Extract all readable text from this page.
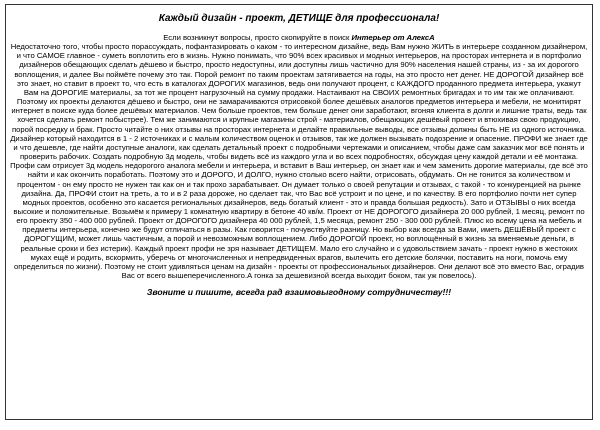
Каждый дизайн - проект, ДЕТИЩЕ для профессионала!

Если возникнут вопросы, просто скопируйте в поиск Интерьер от АлексА

Недостаточно того, чтобы просто порассуждать, пофантазировать о каком - то интересном дизайне, ведь Вам нужно ЖИТЬ в интерьере созданном дизайнером, и что САМОЕ главное - суметь воплотить его в жизнь. Нужно понимать, что 90% всех красивых и модных интерьеров, на просторах интернета и в портфолио дизайнеров обещающих сделать дёшево и быстро, просто недоступны, или доступны лишь частично для 90% населения нашей страны, из - за их дорогого воплощения, и далее Вы поймёте почему это так. Порой ремонт по таким проектам затягивается на годы, на это просто нет денег. НЕ ДОРОГОЙ дизайнер всё это знает, но ставит в проект то, что есть в каталогах ДОРОГИХ магазинов, ведь они получают процент, с КАЖДОГО проданного предмета интерьера, укажут Вам на ДОРОГИЕ материалы, за тот же процент нагрузочный на сумму продажи. Настаивают на СВОИХ ремонтных бригадах и то им так же оплачивают. Поэтому их проекты делаются дёшево и быстро, они не замарачиваются отрисовкой более дешёвых аналогов предметов интерьера и мебели, не монитирят интернет в поиске куда более дешёвых материалов. Чем больше проектов, тем больше денег они заработают, вгоняя клиента в долги и лишние траты, ведь так хочется сделать ремонт побыстрее). Тем же занимаются и крупные магазины строй - материалов, обещающих дешёвый проект и втюхивая свою продукцию, порой посредку и брак. Просто читайте о них отзывы на просторах интернета и делайте правильные выводы, все отзывы должны быть НЕ из одного источника. Дизайнер который находится в 1 - 2 источниках и с малым количеством оценок и отзывов, так же должен вызывать подозрение и опасение. ПРОФИ же знает где и что дешевле, где найти доступные аналоги, как сделать детальный проект с подробными чертежами и описанием, чтобы даже сам заказчик мог всё понять и проверить рабочих. Создать подробную 3д модель, чтобы видеть всё из каждого угла и во всех подробностях, обсуждая цену каждой детали и её монтажа. Профи сам отрисует 3д модель недорогого аналога мебели и интерьера, и вставит в Ваш интерьер, он знает как и чем заменить дорогие материалы, где всё это найти и как окончить поработать. Поэтому это и ДОРОГО, И ДОЛГО, нужно столько всего найти, отрисовать, обдумать. Он не гонится за количеством и процентом - он ему просто не нужен так как он и так прохо зарабатывает. Он думает только о своей репутации и отзывах, с такой - то конкуренцией на рынке дизайна. Да, ПРОФИ стоит на треть, а то и в 2 раза дороже, но сделает так, что Вас всё устроит и по цене, и по качеству. В его портфолио почти нет супер модных проектов, особенно это касается региональных дизайнеров, ведь богатый клиент - это и правда большая редкость). Зато и ОТЗЫВЫ о них всегда высокие и положительные. Возьмём к примеру 1 комнатную квартиру в бетоне 40 кв/м. Проект от НЕ ДОРОГОГО дизайнера 20 000 рублей, 1 месяц, ремонт по его проекту 350 - 400 000 рублей. Проект от ДОРОГОГО дизайнера 40 000 рублей, 1,5 месяца, ремонт 250 - 300 000 рублей. Плюс ко всему цена на мебель и предметы интерьера, конечно же будут отличаться в разы. Как говорится - почувствуйте разницу. Но выбор как всегда за Вами, иметь ДЕШЁВЫЙ проект с ДОРОГУЩИМ, может лишь частичным, а порой и невозможным воплощением. Либо ДОРОГОЙ проект, но воплощённый в жизнь за вменяемые деньги, в реальные сроки и без истерик). Каждый проект профи не зря называет ДЕТИЩЕМ. Мало его случайно и с удовольствием зачать - проект нужно в жестоких муках ещё и родить, вскормить, уберечь от многочисленных и непредвиденных врагов, вылечить его детские болячки, поставить на ноги, помочь ему определиться по жизни). Поэтому не стоит удивляться ценам на дизайн - проекты от профессиональных дизайнеров. Они делают всё это вместо Вас, оградив Вас от всего вышеперечисленного.А гонка за дешевизной всегда выходит боком, так уж повелось).

Звоните и пишите, всегда рад взаимовыгодному сотрудничеству!!!
